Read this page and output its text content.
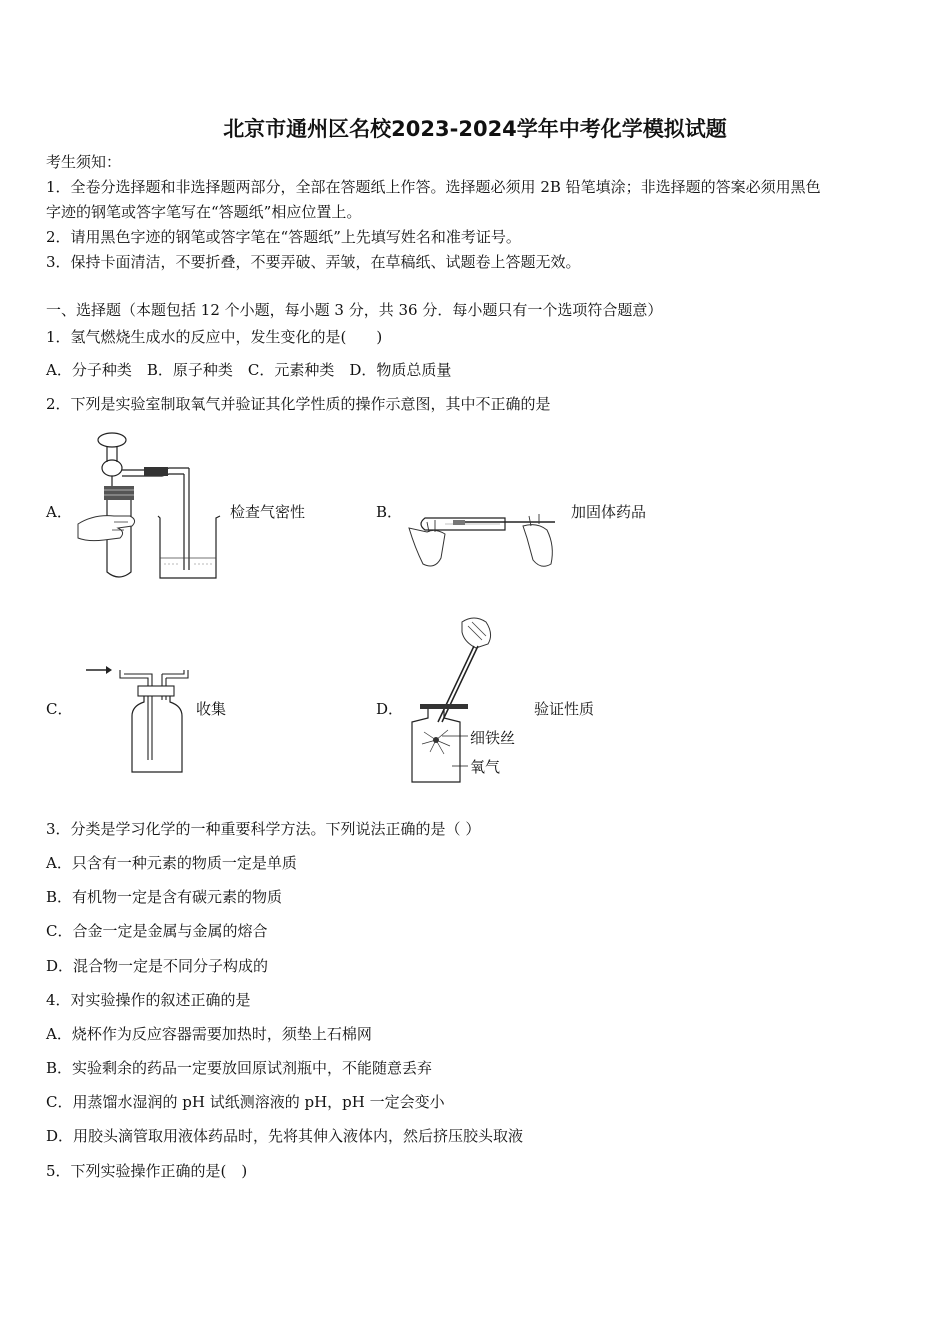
北京市通州区名校2023-2024学年中考化学模拟试题
考生须知：
1．全卷分选择题和非选择题两部分，全部在答题纸上作答。选择题必须用 2B 铅笔填涂；非选择题的答案必须用黑色
字迹的钢笔或答字笔写在“答题纸”相应位置上。
2．请用黑色字迹的钢笔或答字笔在“答题纸”上先填写姓名和准考证号。
3．保持卡面清洁，不要折叠，不要弄破、弄皱，在草稿纸、试题卷上答题无效。
一、选择题（本题包括 12 个小题，每小题 3 分，共 36 分．每小题只有一个选项符合题意）
1．氢气燃烧生成水的反应中，发生变化的是(　　)
A．分子种类　B．原子种类　C．元素种类　D．物质总质量
2．下列是实验室制取氧气并验证其化学性质的操作示意图，其中不正确的是
A．	检查气密性	B．	加固体药品
C．	收集	D．
细铁丝
氧气
验证性质
3．分类是学习化学的一种重要科学方法。下列说法正确的是（ ）
A．只含有一种元素的物质一定是单质
B．有机物一定是含有碳元素的物质
C．合金一定是金属与金属的熔合
D．混合物一定是不同分子构成的
4．对实验操作的叙述正确的是
A．烧杯作为反应容器需要加热时，须垫上石棉网
B．实验剩余的药品一定要放回原试剂瓶中，不能随意丢弃
C．用蒸馏水湿润的 pH 试纸测溶液的 pH，pH 一定会变小
D．用胶头滴管取用液体药品时，先将其伸入液体内，然后挤压胶头取液
5．下列实验操作正确的是(　)
